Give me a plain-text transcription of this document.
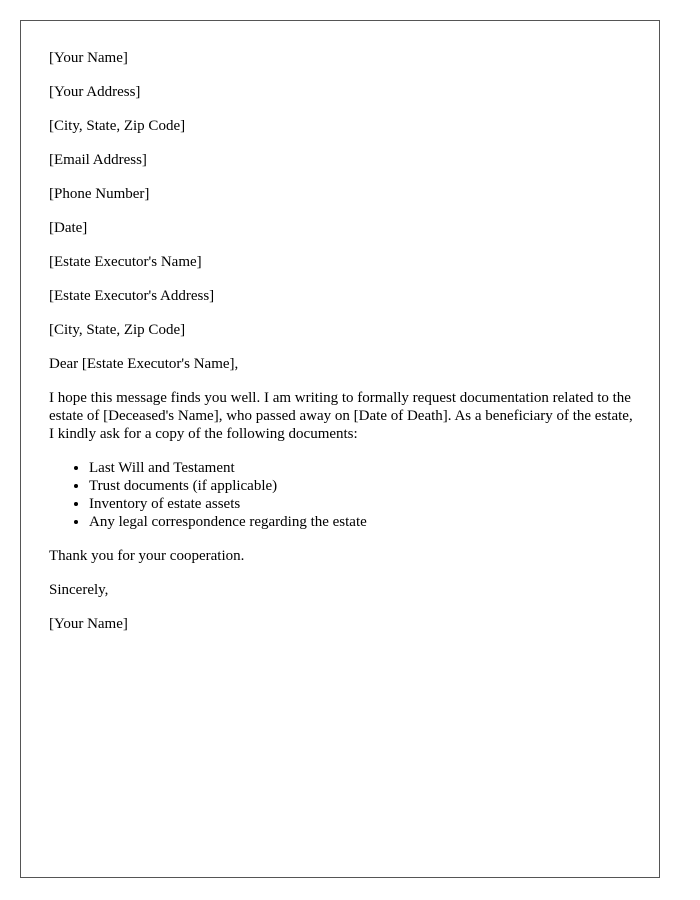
[Your Name]

[Your Address]

[City, State, Zip Code]

[Email Address]

[Phone Number]

[Date]

[Estate Executor's Name]

[Estate Executor's Address]

[City, State, Zip Code]

Dear [Estate Executor's Name],

I hope this message finds you well. I am writing to formally request documentation related to the estate of [Deceased's Name], who passed away on [Date of Death]. As a beneficiary of the estate, I kindly ask for a copy of the following documents:

• Last Will and Testament
• Trust documents (if applicable)
• Inventory of estate assets
• Any legal correspondence regarding the estate

Thank you for your cooperation.

Sincerely,

[Your Name]
